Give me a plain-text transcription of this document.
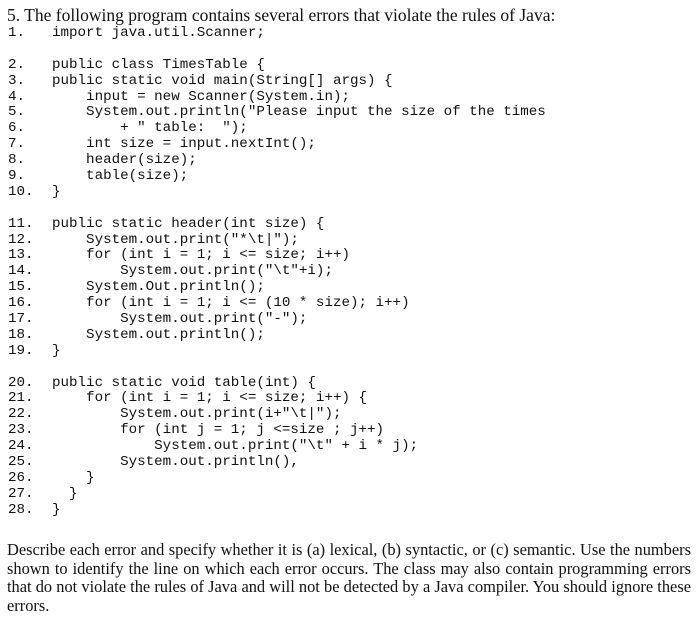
5. The following program contains several errors that violate the rules of Java:
1. import java.util.Scanner;
2. public class TimesTable {
3. public static void main(String[] args) {
4.    input = new Scanner(System.in);
5.    System.out.println("Please input the size of the times
6.        + " table:  ");
7.    int size = input.nextInt();
8.    header(size);
9.    table(size);
10. }
11. public static header(int size) {
12.    System.out.print("*\t|");
13.    for (int i = 1; i <= size; i++)
14.        System.out.print("\t"+i);
15.    System.Out.println();
16.    for (int i = 1; i <= (10 * size); i++)
17.        System.out.print("-");
18.    System.out.println();
19. }
20. public static void table(int) {
21.    for (int i = 1; i <= size; i++) {
22.        System.out.print(i+"\t|");
23.        for (int j = 1; j <=size ; j++)
24.            System.out.print("\t" + i * j);
25.        System.out.println(),
26.    }
27.  }
28. }

Describe each error and specify whether it is (a) lexical, (b) syntactic, or (c) semantic. Use the numbers shown to identify the line on which each error occurs. The class may also contain programming errors that do not violate the rules of Java and will not be detected by a Java compiler. You should ignore these errors.
